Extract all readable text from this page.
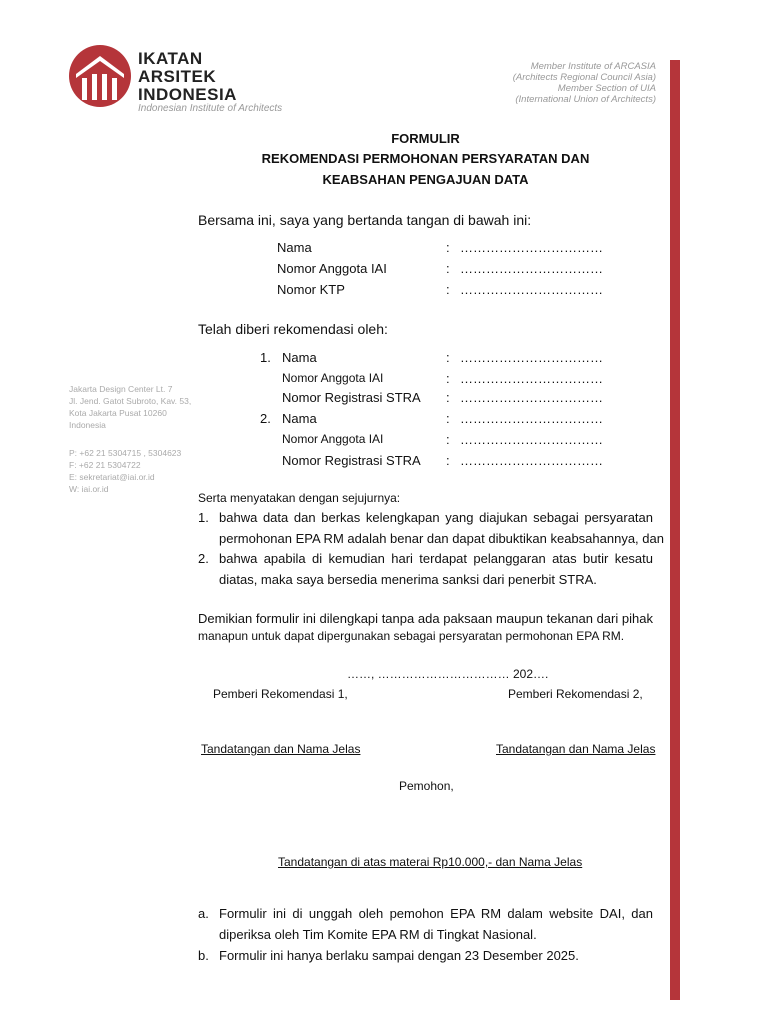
IKATAN
ARSITEK
INDONESIA
Indonesian Institute of Architects
Member Institute of ARCASIA
(Architects Regional Council Asia)
Member Section of UIA
(International Union of Architects)
Jakarta Design Center Lt. 7
Jl. Jend. Gatot Subroto, Kav. 53,
Kota Jakarta Pusat 10260
Indonesia
P: +62 21 5304715 , 5304623
F: +62 21 5304722
E: sekretariat@iai.or.id
W: iai.or.id
FORMULIR
REKOMENDASI PERMOHONAN PERSYARATAN DAN
KEABSAHAN PENGAJUAN DATA
Bersama ini, saya yang bertanda tangan di bawah ini:
Nama	: ……………………………
Nomor Anggota IAI	: ……………………………
Nomor KTP	: ……………………………
Telah diberi rekomendasi oleh:
1. Nama	: ……………………………
Nomor Anggota IAI	: ……………………………
Nomor Registrasi STRA : ……………………………
2. Nama	: ……………………………
Nomor Anggota IAI	: ……………………………
Nomor Registrasi STRA : ……………………………
Serta menyatakan dengan sejujurnya:
1. bahwa data dan berkas kelengkapan yang diajukan sebagai persyaratan
permohonan EPA RM adalah benar dan dapat dibuktikan keabsahannya, dan
2. bahwa apabila di kemudian hari terdapat pelanggaran atas butir kesatu
diatas, maka saya bersedia menerima sanksi dari penerbit STRA.
Demikian formulir ini dilengkapi tanpa ada paksaan maupun tekanan dari pihak
manapun untuk dapat dipergunakan sebagai persyaratan permohonan EPA RM.
……, …………………………… 202….
Pemberi Rekomendasi 1,	Pemberi Rekomendasi 2,
Tandatangan dan Nama Jelas	Tandatangan dan Nama Jelas
Pemohon,
Tandatangan di atas materai Rp10.000,- dan Nama Jelas
a. Formulir ini di unggah oleh pemohon EPA RM dalam website DAI, dan
diperiksa oleh Tim Komite EPA RM di Tingkat Nasional.
b. Formulir ini hanya berlaku sampai dengan 23 Desember 2025.
